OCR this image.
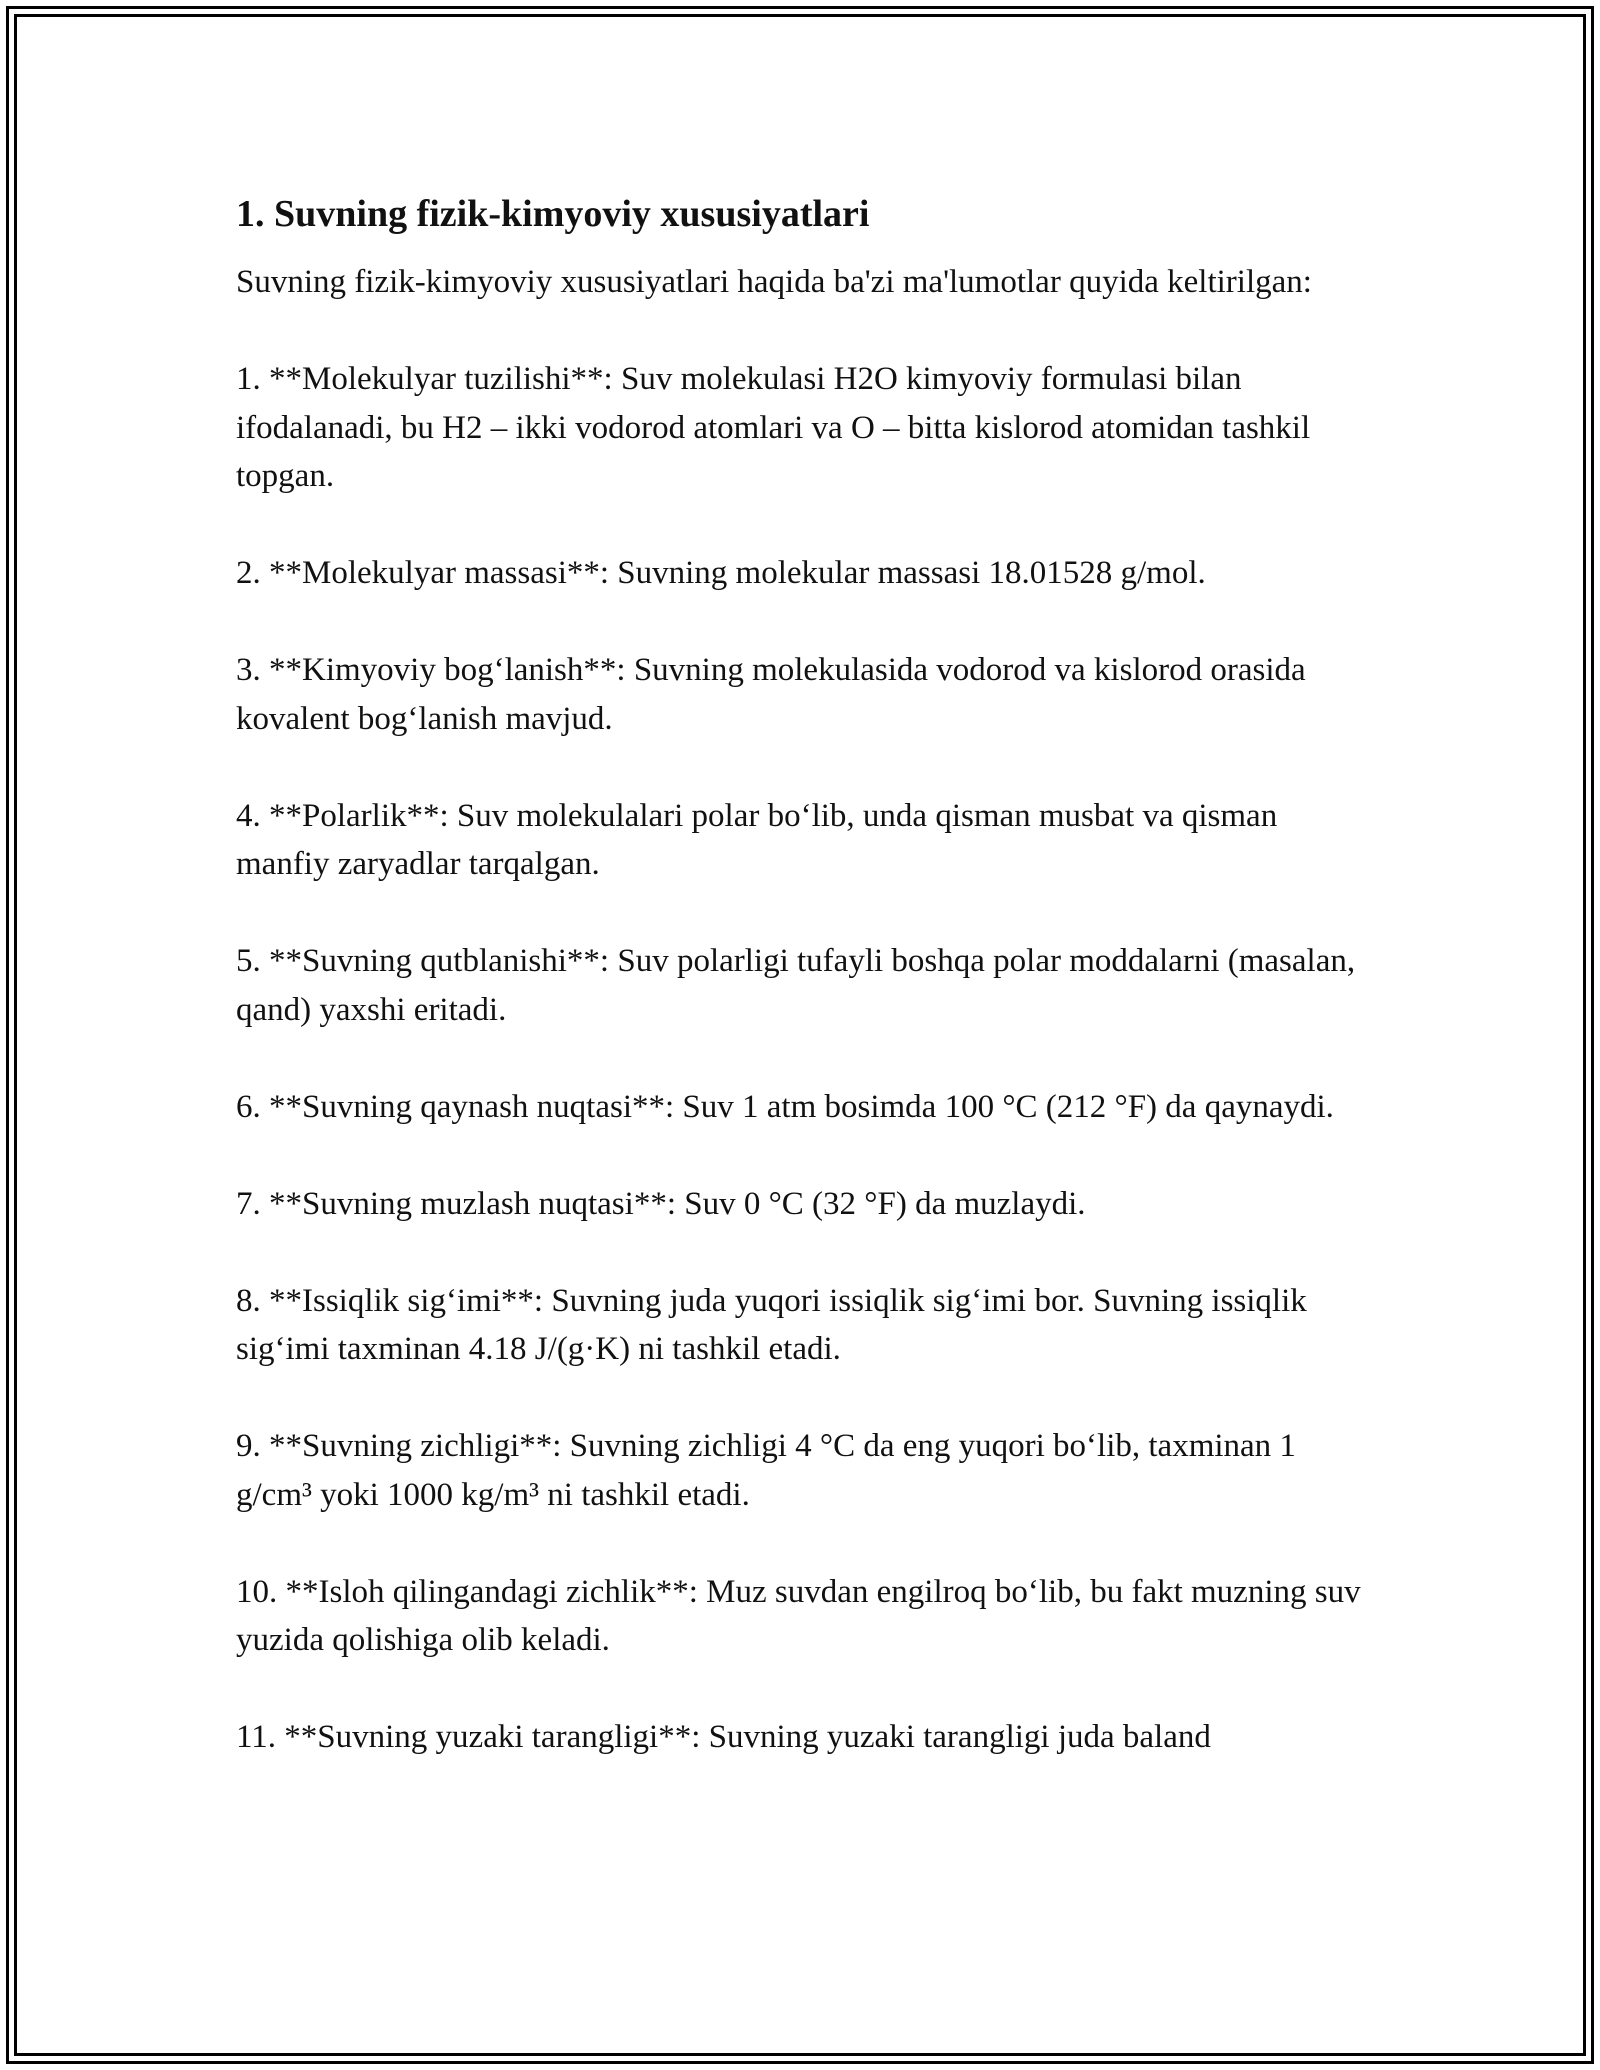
1. Suvning fizik-kimyoviy xususiyatlari

Suvning fizik-kimyoviy xususiyatlari haqida ba'zi ma'lumotlar quyida keltirilgan:

1. **Molekulyar tuzilishi**: Suv molekulasi H2O kimyoviy formulasi bilan ifodalanadi, bu H2 – ikki vodorod atomlari va O – bitta kislorod atomidan tashkil topgan.

2. **Molekulyar massasi**: Suvning molekular massasi 18.01528 g/mol.

3. **Kimyoviy bog‘lanish**: Suvning molekulasida vodorod va kislorod orasida kovalent bog‘lanish mavjud.

4. **Polarlik**: Suv molekulalari polar bo‘lib, unda qisman musbat va qisman manfiy zaryadlar tarqalgan.

5. **Suvning qutblanishi**: Suv polarligi tufayli boshqa polar moddalarni (masalan, qand) yaxshi eritadi.

6. **Suvning qaynash nuqtasi**: Suv 1 atm bosimda 100 °C (212 °F) da qaynaydi.

7. **Suvning muzlash nuqtasi**: Suv 0 °C (32 °F) da muzlaydi.

8. **Issiqlik sig‘imi**: Suvning juda yuqori issiqlik sig‘imi bor. Suvning issiqlik sig‘imi taxminan 4.18 J/(g·K) ni tashkil etadi.

9. **Suvning zichligi**: Suvning zichligi 4 °C da eng yuqori bo‘lib, taxminan 1 g/cm³ yoki 1000 kg/m³ ni tashkil etadi.

10. **Isloh qilingandagi zichlik**: Muz suvdan engilroq bo‘lib, bu fakt muzning suv yuzida qolishiga olib keladi.

11. **Suvning yuzaki tarangligi**: Suvning yuzaki tarangligi juda baland
